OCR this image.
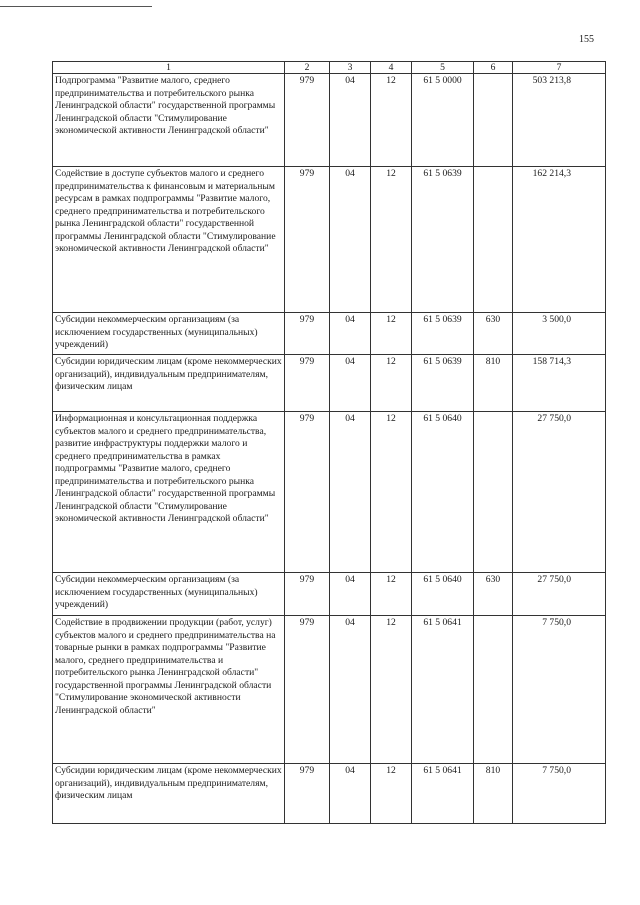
155
1	2	3	4	5	6	7
Подпрограмма "Развитие малого, среднего предпринимательства и потребительского рынка Ленинградской области" государственной программы Ленинградской области "Стимулирование экономической активности Ленинградской области"	979	04	12	61 5 0000		503 213,8
Содействие в доступе субъектов малого и среднего предпринимательства к финансовым и материальным ресурсам в рамках подпрограммы "Развитие малого, среднего предпринимательства и потребительского рынка Ленинградской области" государственной программы Ленинградской области "Стимулирование экономической активности Ленинградской области"	979	04	12	61 5 0639		162 214,3
Субсидии некоммерческим организациям (за исключением государственных (муниципальных) учреждений)	979	04	12	61 5 0639	630	3 500,0
Субсидии юридическим лицам (кроме некоммерческих организаций), индивидуальным предпринимателям, физическим лицам	979	04	12	61 5 0639	810	158 714,3
Информационная и консультационная поддержка субъектов малого и среднего предпринимательства, развитие инфраструктуры поддержки малого и среднего предпринимательства в рамках подпрограммы "Развитие малого, среднего предпринимательства и потребительского рынка Ленинградской области" государственной программы Ленинградской области "Стимулирование экономической активности Ленинградской области"	979	04	12	61 5 0640		27 750,0
Субсидии некоммерческим организациям (за исключением государственных (муниципальных) учреждений)	979	04	12	61 5 0640	630	27 750,0
Содействие в продвижении продукции (работ, услуг) субъектов малого и среднего предпринимательства на товарные рынки в рамках подпрограммы "Развитие малого, среднего предпринимательства и потребительского рынка Ленинградской области" государственной программы Ленинградской области "Стимулирование экономической активности Ленинградской области"	979	04	12	61 5 0641		7 750,0
Субсидии юридическим лицам (кроме некоммерческих организаций), индивидуальным предпринимателям, физическим лицам	979	04	12	61 5 0641	810	7 750,0
